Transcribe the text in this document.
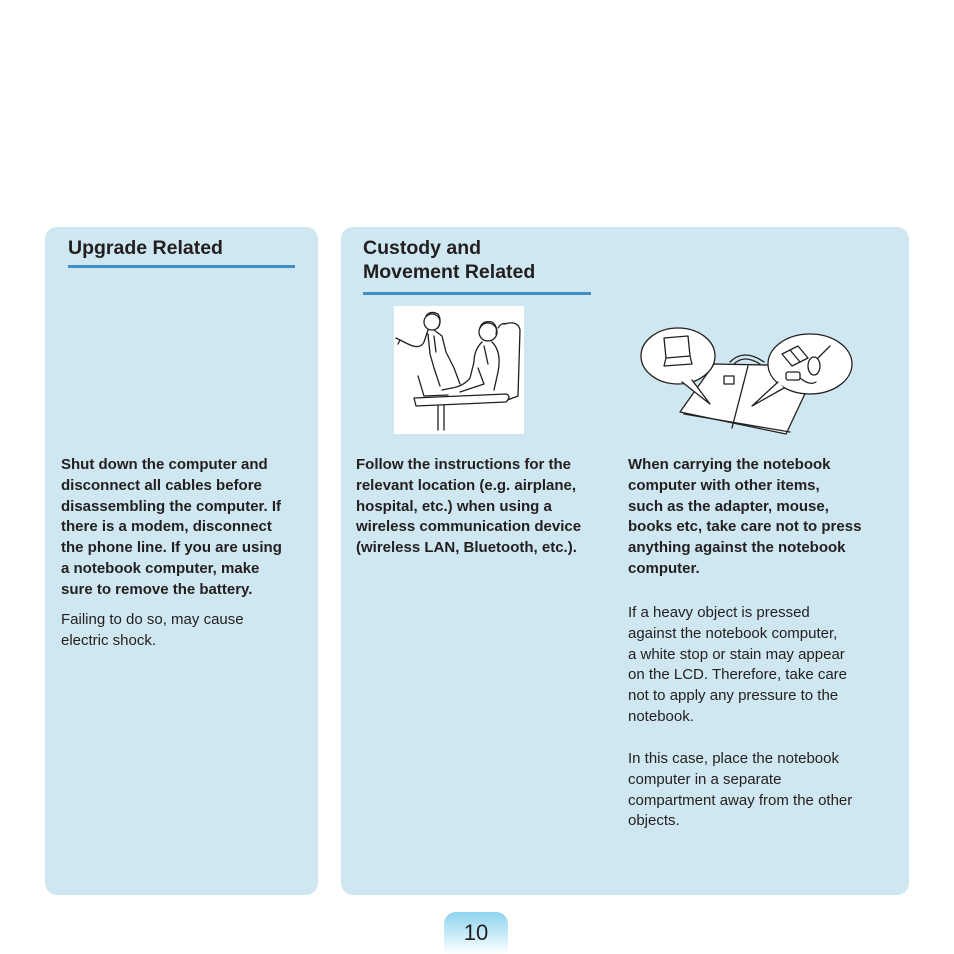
Upgrade Related

Shut down the computer and
disconnect all cables before
disassembling the computer. If
there is a modem, disconnect
the phone line. If you are using
a notebook computer, make
sure to remove the battery.

Failing to do so, may cause
electric shock.

Custody and
Movement Related

Follow the instructions for the
relevant location (e.g. airplane,
hospital, etc.) when using a
wireless communication device
(wireless LAN, Bluetooth, etc.).

When carrying the notebook
computer with other items,
such as the adapter, mouse,
books etc, take care not to press
anything against the notebook
computer.

If a heavy object is pressed
against the notebook computer,
a white stop or stain may appear
on the LCD. Therefore, take care
not to apply any pressure to the
notebook.

In this case, place the notebook
computer in a separate
compartment away from the other
objects.

10
